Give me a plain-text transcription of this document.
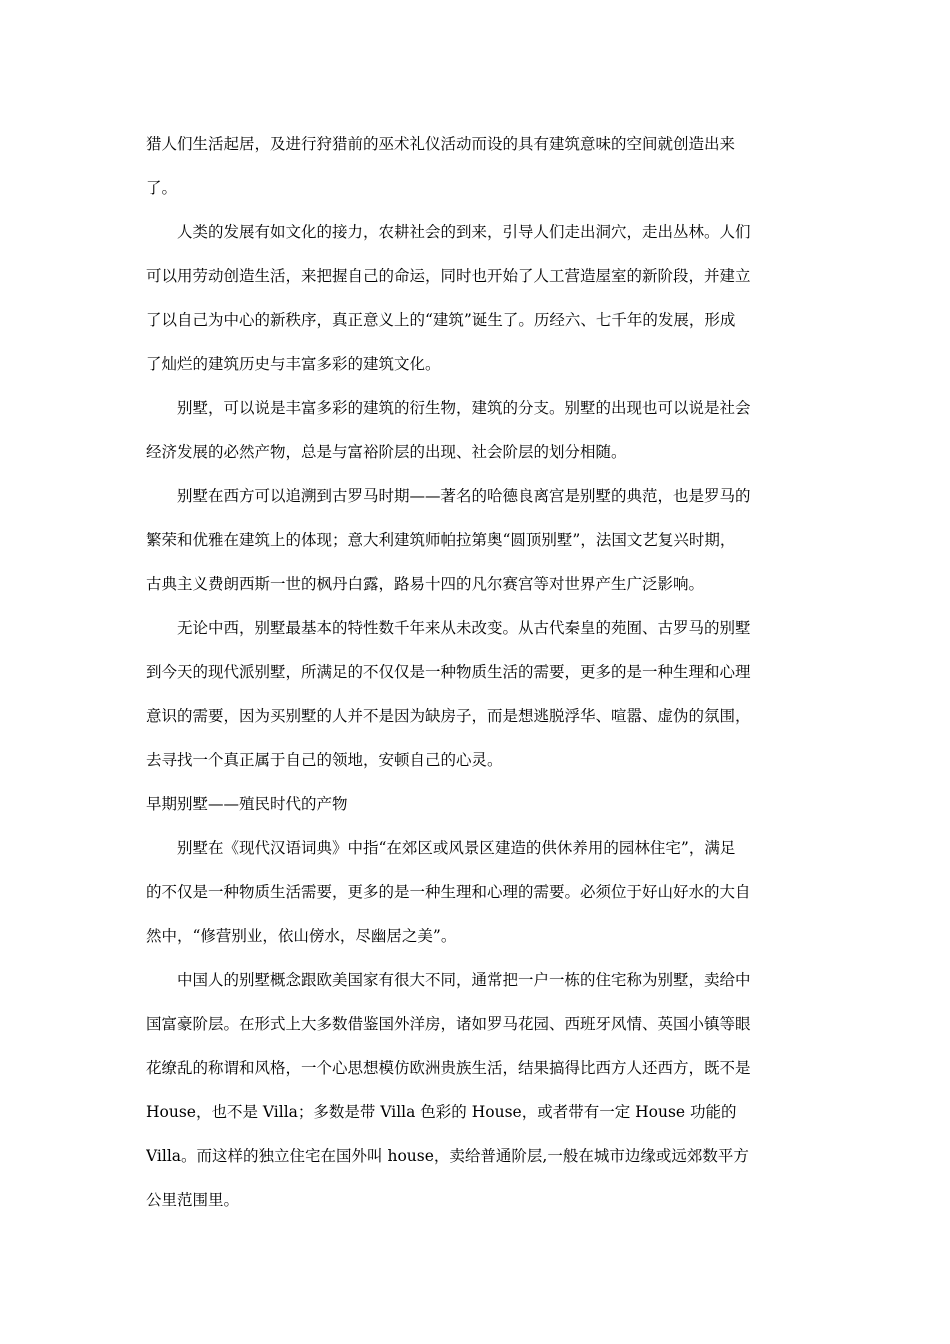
猎人们生活起居，及进行狩猎前的巫术礼仪活动而设的具有建筑意味的空间就创造出来
了。
人类的发展有如文化的接力，农耕社会的到来，引导人们走出洞穴，走出丛林。人们
可以用劳动创造生活，来把握自己的命运，同时也开始了人工营造屋室的新阶段，并建立
了以自己为中心的新秩序，真正意义上的“建筑”诞生了。历经六、七千年的发展，形成
了灿烂的建筑历史与丰富多彩的建筑文化。
别墅，可以说是丰富多彩的建筑的衍生物，建筑的分支。别墅的出现也可以说是社会
经济发展的必然产物，总是与富裕阶层的出现、社会阶层的划分相随。
别墅在西方可以追溯到古罗马时期——著名的哈德良离宫是别墅的典范，也是罗马的
繁荣和优雅在建筑上的体现；意大利建筑师帕拉第奥“圆顶别墅”，法国文艺复兴时期，
古典主义费朗西斯一世的枫丹白露，路易十四的凡尔赛宫等对世界产生广泛影响。
无论中西，别墅最基本的特性数千年来从未改变。从古代秦皇的苑囿、古罗马的别墅
到今天的现代派别墅，所满足的不仅仅是一种物质生活的需要，更多的是一种生理和心理
意识的需要，因为买别墅的人并不是因为缺房子，而是想逃脱浮华、喧嚣、虚伪的氛围，
去寻找一个真正属于自己的领地，安顿自己的心灵。
早期别墅——殖民时代的产物
别墅在《现代汉语词典》中指“在郊区或风景区建造的供休养用的园林住宅”，满足
的不仅是一种物质生活需要，更多的是一种生理和心理的需要。必须位于好山好水的大自
然中，“修营别业，依山傍水，尽幽居之美”。
中国人的别墅概念跟欧美国家有很大不同，通常把一户一栋的住宅称为别墅，卖给中
国富豪阶层。在形式上大多数借鉴国外洋房，诸如罗马花园、西班牙风情、英国小镇等眼
花缭乱的称谓和风格，一个心思想模仿欧洲贵族生活，结果搞得比西方人还西方，既不是
House，也不是 Villa；多数是带 Villa 色彩的 House，或者带有一定 House 功能的
Villa。而这样的独立住宅在国外叫 house，卖给普通阶层,一般在城市边缘或远郊数平方
公里范围里。
